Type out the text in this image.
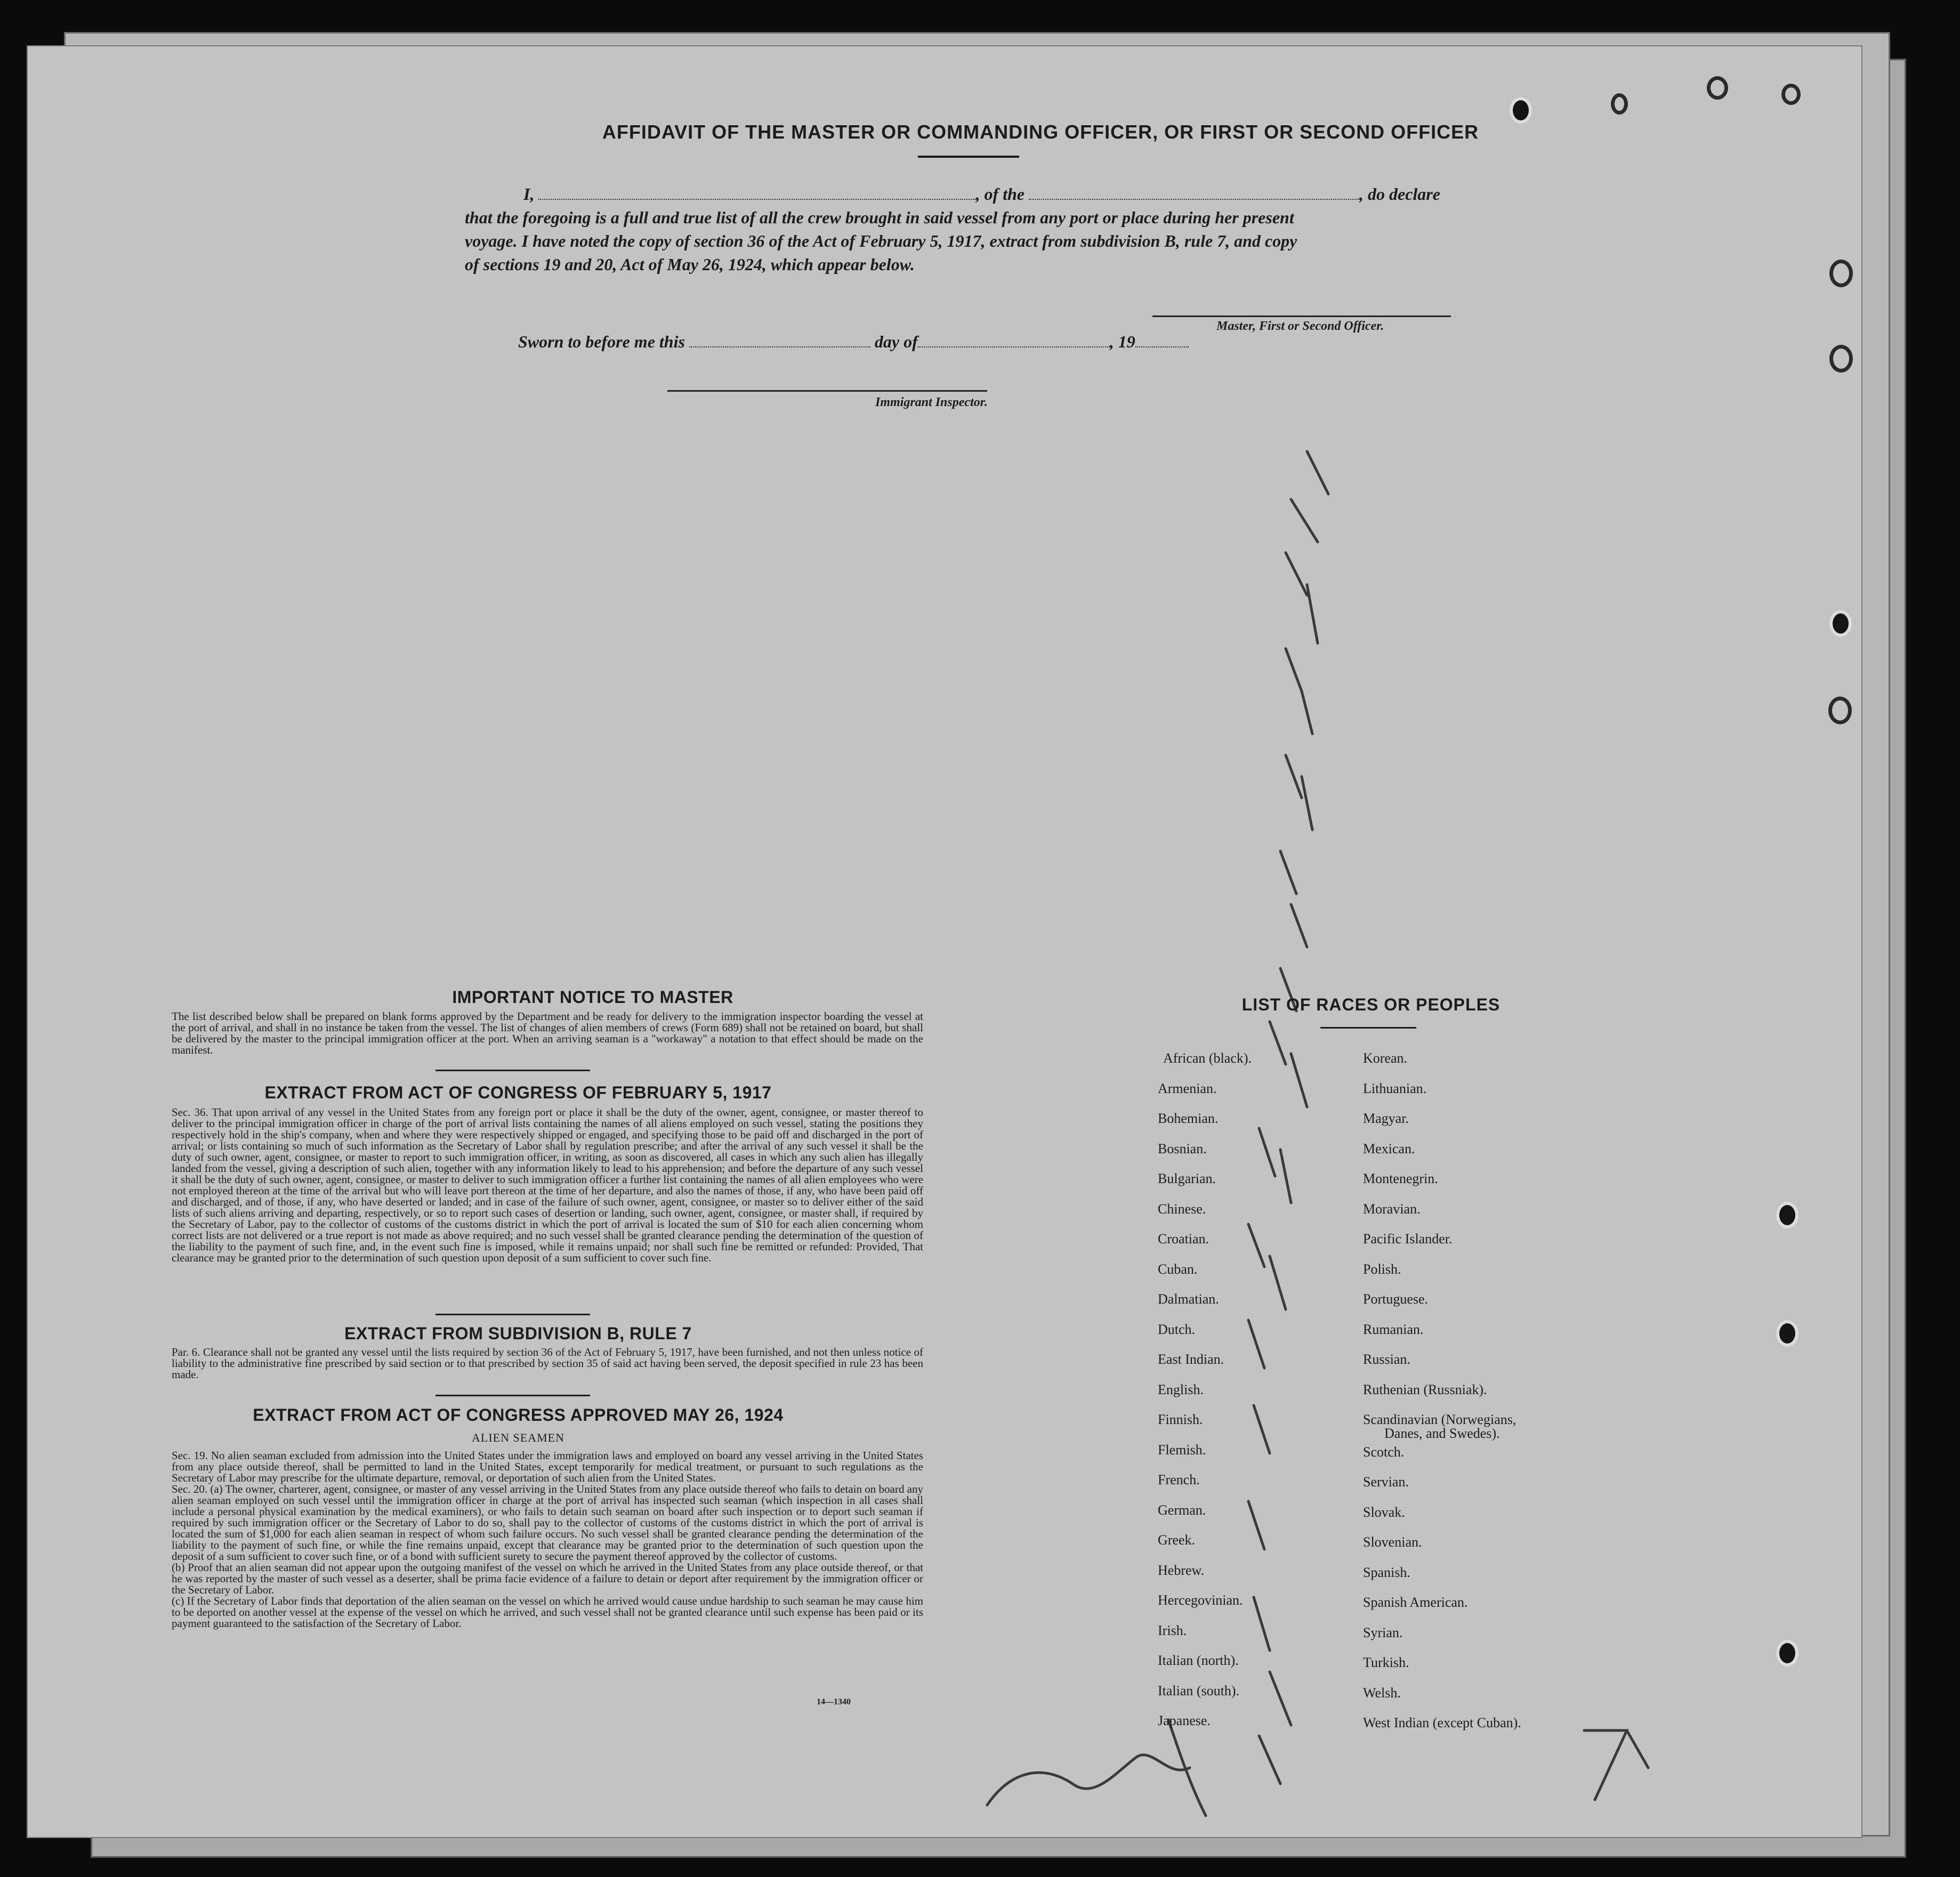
AFFIDAVIT OF THE MASTER OR COMMANDING OFFICER, OR FIRST OR SECOND OFFICER
I,	, of the	, do declare
that the foregoing is a full and true list of all the crew brought in said vessel from any port or place during her present
voyage. I have noted the copy of section 36 of the Act of February 5, 1917, extract from subdivision B, rule 7, and copy
of sections 19 and 20, Act of May 26, 1924, which appear below.
Master, First or Second Officer.
Sworn to before me this	day of	, 19
Immigrant Inspector.
IMPORTANT NOTICE TO MASTER
The list described below shall be prepared on blank forms approved by the Department and be ready for delivery to the immigration inspector boarding the vessel at the port of arrival, and shall in no instance be taken from the vessel. The list of changes of alien members of crews (Form 689) shall not be retained on board, but shall be delivered by the master to the principal immigration officer at the port. When an arriving seaman is a "workaway" a notation to that effect should be made on the manifest.
EXTRACT FROM ACT OF CONGRESS OF FEBRUARY 5, 1917
Sec. 36. That upon arrival of any vessel in the United States from any foreign port or place it shall be the duty of the owner, agent, consignee, or master thereof to deliver to the principal immigration officer in charge of the port of arrival lists containing the names of all aliens employed on such vessel, stating the positions they respectively hold in the ship's company, when and where they were respectively shipped or engaged, and specifying those to be paid off and discharged in the port of arrival; or lists containing so much of such information as the Secretary of Labor shall by regulation prescribe; and after the arrival of any such vessel it shall be the duty of such owner, agent, consignee, or master to report to such immigration officer, in writing, as soon as discovered, all cases in which any such alien has illegally landed from the vessel, giving a description of such alien, together with any information likely to lead to his apprehension; and before the departure of any such vessel it shall be the duty of such owner, agent, consignee, or master to deliver to such immigration officer a further list containing the names of all alien employees who were not employed thereon at the time of the arrival but who will leave port thereon at the time of her departure, and also the names of those, if any, who have been paid off and discharged, and of those, if any, who have deserted or landed; and in case of the failure of such owner, agent, consignee, or master so to deliver either of the said lists of such aliens arriving and departing, respectively, or so to report such cases of desertion or landing, such owner, agent, consignee, or master shall, if required by the Secretary of Labor, pay to the collector of customs of the customs district in which the port of arrival is located the sum of $10 for each alien concerning whom correct lists are not delivered or a true report is not made as above required; and no such vessel shall be granted clearance pending the determination of the question of the liability to the payment of such fine, and, in the event such fine is imposed, while it remains unpaid; nor shall such fine be remitted or refunded: Provided, That clearance may be granted prior to the determination of such question upon deposit of a sum sufficient to cover such fine.
EXTRACT FROM SUBDIVISION B, RULE 7
Par. 6. Clearance shall not be granted any vessel until the lists required by section 36 of the Act of February 5, 1917, have been furnished, and not then unless notice of liability to the administrative fine prescribed by said section or to that prescribed by section 35 of said act having been served, the deposit specified in rule 23 has been made.
EXTRACT FROM ACT OF CONGRESS APPROVED MAY 26, 1924
ALIEN SEAMEN
Sec. 19. No alien seaman excluded from admission into the United States under the immigration laws and employed on board any vessel arriving in the United States from any place outside thereof, shall be permitted to land in the United States, except temporarily for medical treatment, or pursuant to such regulations as the Secretary of Labor may prescribe for the ultimate departure, removal, or deportation of such alien from the United States.
Sec. 20. (a) The owner, charterer, agent, consignee, or master of any vessel arriving in the United States from any place outside thereof who fails to detain on board any alien seaman employed on such vessel until the immigration officer in charge at the port of arrival has inspected such seaman (which inspection in all cases shall include a personal physical examination by the medical examiners), or who fails to detain such seaman on board after such inspection or to deport such seaman if required by such immigration officer or the Secretary of Labor to do so, shall pay to the collector of customs of the customs district in which the port of arrival is located the sum of $1,000 for each alien seaman in respect of whom such failure occurs. No such vessel shall be granted clearance pending the determination of the liability to the payment of such fine, or while the fine remains unpaid, except that clearance may be granted prior to the determination of such question upon the deposit of a sum sufficient to cover such fine, or of a bond with sufficient surety to secure the payment thereof approved by the collector of customs.
(b) Proof that an alien seaman did not appear upon the outgoing manifest of the vessel on which he arrived in the United States from any place outside thereof, or that he was reported by the master of such vessel as a deserter, shall be prima facie evidence of a failure to detain or deport after requirement by the immigration officer or the Secretary of Labor.
(c) If the Secretary of Labor finds that deportation of the alien seaman on the vessel on which he arrived would cause undue hardship to such seaman he may cause him to be deported on another vessel at the expense of the vessel on which he arrived, and such vessel shall not be granted clearance until such expense has been paid or its payment guaranteed to the satisfaction of the Secretary of Labor.
14—1340
LIST OF RACES OR PEOPLES
African (black).
Armenian.
Bohemian.
Bosnian.
Bulgarian.
Chinese.
Croatian.
Cuban.
Dalmatian.
Dutch.
East Indian.
English.
Finnish.
Flemish.
French.
German.
Greek.
Hebrew.
Hercegovinian.
Irish.
Italian (north).
Italian (south).
Japanese.
Korean.
Lithuanian.
Magyar.
Mexican.
Montenegrin.
Moravian.
Pacific Islander.
Polish.
Portuguese.
Rumanian.
Russian.
Ruthenian (Russniak).
Scandinavian (Norwegians,
Danes, and Swedes).
Scotch.
Servian.
Slovak.
Slovenian.
Spanish.
Spanish American.
Syrian.
Turkish.
Welsh.
West Indian (except Cuban).
